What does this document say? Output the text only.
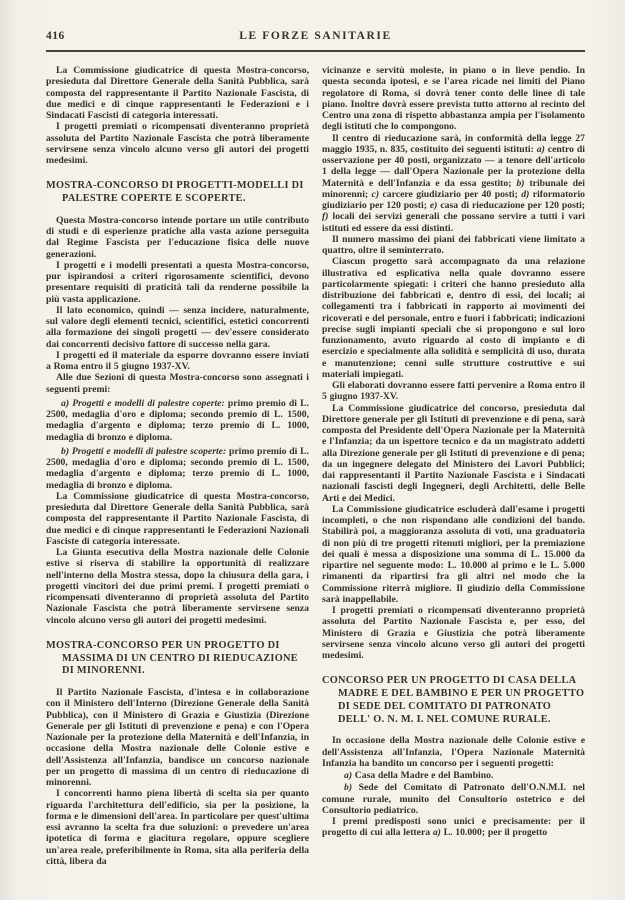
416	LE FORZE SANITARIE

La Commissione giudicatrice di questa Mostra-concorso, presieduta dal Direttore Generale della Sanità Pubblica, sarà composta del rappresentante il Partito Nazionale Fascista, di due medici e di cinque rappresentanti le Federazioni e i Sindacati Fascisti di categoria interessati.

I progetti premiati o ricompensati diventeranno proprietà assoluta del Partito Nazionale Fascista che potrà liberamente servirsene senza vincolo alcuno verso gli autori dei progetti medesimi.

MOSTRA-CONCORSO DI PROGETTI-MODELLI DI PALESTRE COPERTE E SCOPERTE.

Questa Mostra-concorso intende portare un utile contributo di studi e di esperienze pratiche alla vasta azione perseguita dal Regime Fascista per l'educazione fisica delle nuove generazioni.

I progetti e i modelli presentati a questa Mostra-concorso, pur ispirandosi a criteri rigorosamente scientifici, devono presentare requisiti di praticità tali da renderne possibile la più vasta applicazione.

Il lato economico, quindi — senza incidere, naturalmente, sul valore degli elementi tecnici, scientifici, estetici concorrenti alla formazione dei singoli progetti — dev'essere considerato dai concorrenti decisivo fattore di successo nella gara.

I progetti ed il materiale da esporre dovranno essere inviati a Roma entro il 5 giugno 1937-XV.

Alle due Sezioni di questa Mostra-concorso sono assegnati i seguenti premi:

a) Progetti e modelli di palestre coperte: primo premio di L. 2500, medaglia d'oro e diploma; secondo premio di L. 1500, medaglia d'argento e diploma; terzo premio di L. 1000, medaglia di bronzo e diploma.

b) Progetti e modelli di palestre scoperte: primo premio di L. 2500, medaglia d'oro e diploma; secondo premio di L. 1500, medaglia d'argento e diploma; terzo premio di L. 1000, medaglia di bronzo e diploma.

La Commissione giudicatrice di questa Mostra-concorso, presieduta dal Direttore Generale della Sanità Pubblica, sarà composta del rappresentante il Partito Nazionale Fascista, di due medici e di cinque rappresentanti le Federazioni Nazionali Fasciste di categoria interessate.

La Giunta esecutiva della Mostra nazionale delle Colonie estive si riserva di stabilire la opportunità di realizzare nell'interno della Mostra stessa, dopo la chiusura della gara, i progetti vincitori dei due primi premi. I progetti premiati o ricompensati diventeranno di proprietà assoluta del Partito Nazionale Fascista che potrà liberamente servirsene senza vincolo alcuno verso gli autori dei progetti medesimi.

MOSTRA-CONCORSO PER UN PROGETTO DI MASSIMA DI UN CENTRO DI RIEDUCAZIONE DI MINORENNI.

Il Partito Nazionale Fascista, d'intesa e in collaborazione con il Ministero dell'Interno (Direzione Generale della Sanità Pubblica), con il Ministero di Grazia e Giustizia (Direzione Generale per gli Istituti di prevenzione e pena) e con l'Opera Nazionale per la protezione della Maternità e dell'Infanzia, in occasione della Mostra nazionale delle Colonie estive e dell'Assistenza all'Infanzia, bandisce un concorso nazionale per un progetto di massima di un centro di rieducazione di minorenni.

I concorrenti hanno piena libertà di scelta sia per quanto riguarda l'architettura dell'edificio, sia per la posizione, la forma e le dimensioni dell'area. In particolare per quest'ultima essi avranno la scelta fra due soluzioni: o prevedere un'area ipotetica di forma e giacitura regolare, oppure scegliere un'area reale, preferibilmente in Roma, sita alla periferia della città, libera da

vicinanze e servitù moleste, in piano o in lieve pendio. In questa seconda ipotesi, e se l'area ricade nei limiti del Piano regolatore di Roma, si dovrà tener conto delle linee di tale piano. Inoltre dovrà essere prevista tutto attorno al recinto del Centro una zona di rispetto abbastanza ampia per l'isolamento degli istituti che lo compongono.

Il centro di rieducazione sarà, in conformità della legge 27 maggio 1935, n. 835, costituito dei seguenti istituti: a) centro di osservazione per 40 posti, organizzato — a tenore dell'articolo 1 della legge — dall'Opera Nazionale per la protezione della Maternità e dell'Infanzia e da essa gestito; b) tribunale dei minorenni; c) carcere giudiziario per 40 posti; d) riformatorio giudiziario per 120 posti; e) casa di rieducazione per 120 posti; f) locali dei servizi generali che possano servire a tutti i vari istituti ed essere da essi distinti.

Il numero massimo dei piani dei fabbricati viene limitato a quattro, oltre il seminterrato.

Ciascun progetto sarà accompagnato da una relazione illustrativa ed esplicativa nella quale dovranno essere particolarmente spiegati: i criteri che hanno presieduto alla distribuzione dei fabbricati e, dentro di essi, dei locali; ai collegamenti tra i fabbricati in rapporto ai movimenti dei ricoverati e del personale, entro e fuori i fabbricati; indicazioni precise sugli impianti speciali che si propongono e sul loro funzionamento, avuto riguardo al costo di impianto e di esercizio e specialmente alla solidità e semplicità di uso, durata e manutenzione; cenni sulle strutture costruttive e sui materiali impiegati.

Gli elaborati dovranno essere fatti pervenire a Roma entro il 5 giugno 1937-XV.

La Commissione giudicatrice del concorso, presieduta dal Direttore generale per gli Istituti di prevenzione e di pena, sarà composta del Presidente dell'Opera Nazionale per la Maternità e l'Infanzia; da un ispettore tecnico e da un magistrato addetti alla Direzione generale per gli Istituti di prevenzione e di pena; da un ingegnere delegato del Ministero dei Lavori Pubblici; dai rappresentanti il Partito Nazionale Fascista e i Sindacati nazionali fascisti degli Ingegneri, degli Architetti, delle Belle Arti e dei Medici.

La Commissione giudicatrice escluderà dall'esame i progetti incompleti, o che non rispondano alle condizioni del bando. Stabilirà poi, a maggioranza assoluta di voti, una graduatoria di non più di tre progetti ritenuti migliori, per la premiazione dei quali è messa a disposizione una somma di L. 15.000 da ripartire nel seguente modo: L. 10.000 al primo e le L. 5.000 rimanenti da ripartirsi fra gli altri nel modo che la Commissione riterrà migliore. Il giudizio della Commissione sarà inappellabile.

I progetti premiati o ricompensati diventeranno proprietà assoluta del Partito Nazionale Fascista e, per esso, del Ministero di Grazia e Giustizia che potrà liberamente servirsene senza vincolo alcuno verso gli autori dei progetti medesimi.

CONCORSO PER UN PROGETTO DI CASA DELLA MADRE E DEL BAMBINO E PER UN PROGETTO DI SEDE DEL COMITATO DI PATRONATO DELL' O. N. M. I. NEL COMUNE RURALE.

In occasione della Mostra nazionale delle Colonie estive e dell'Assistenza all'Infanzia, l'Opera Nazionale Maternità Infanzia ha bandito un concorso per i seguenti progetti:

a) Casa della Madre e del Bambino.

b) Sede del Comitato di Patronato dell'O.N.M.I. nel comune rurale, munito del Consultorio ostetrico e del Consultorio pediatrico.

I premi predisposti sono unici e precisamente: per il progetto di cui alla lettera a) L. 10.000; per il progetto
